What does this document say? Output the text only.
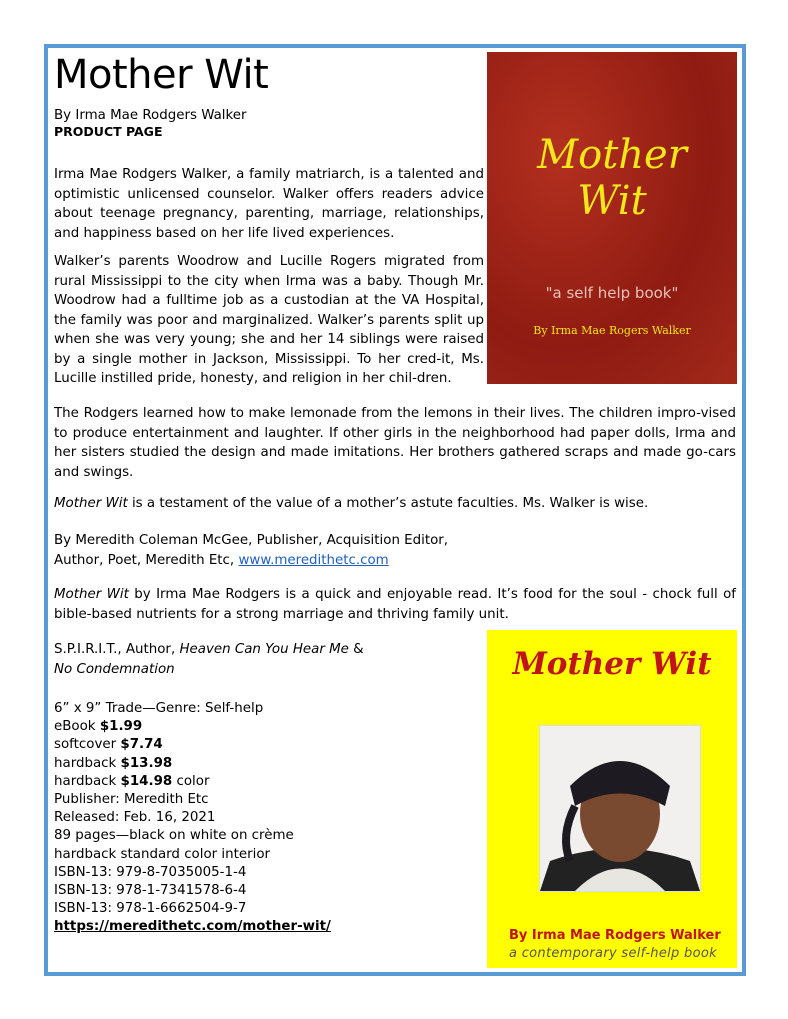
Mother Wit
By Irma Mae Rodgers Walker
PRODUCT PAGE
Irma Mae Rodgers Walker, a family matriarch, is a talented and optimistic unlicensed counselor. Walker offers readers advice about teenage pregnancy, parenting, marriage, relationships, and happiness based on her life lived experiences.
Walker’s parents Woodrow and Lucille Rogers migrated from rural Mississippi to the city when Irma was a baby. Though Mr. Woodrow had a fulltime job as a custodian at the VA Hospital, the family was poor and marginalized. Walker’s parents split up when she was very young; she and her 14 siblings were raised by a single mother in Jackson, Mississippi. To her cred-it, Ms. Lucille instilled pride, honesty, and religion in her chil-dren.
Mother
Wit
"a self help book"
By Irma Mae Rogers Walker
The Rodgers learned how to make lemonade from the lemons in their lives. The children impro-vised to produce entertainment and laughter. If other girls in the neighborhood had paper dolls, Irma and her sisters studied the design and made imitations. Her brothers gathered scraps and made go-cars and swings.
Mother Wit is a testament of the value of a mother’s astute faculties. Ms. Walker is wise.
By Meredith Coleman McGee, Publisher, Acquisition Editor, Author, Poet, Meredith Etc, www.meredithetc.com
Mother Wit by Irma Mae Rodgers is a quick and enjoyable read. It’s food for the soul - chock full of bible-based nutrients for a strong marriage and thriving family unit.
S.P.I.R.I.T., Author, Heaven Can You Hear Me &
No Condemnation
6” x 9” Trade—Genre: Self-help
eBook $1.99
softcover $7.74
hardback $13.98
hardback $14.98 color
Publisher: Meredith Etc
Released: Feb. 16, 2021
89 pages—black on white on crème
hardback standard color interior
ISBN-13: 979-8-7035005-1-4
ISBN-13: 978-1-7341578-6-4
ISBN-13: 978-1-6662504-9-7
https://meredithetc.com/mother-wit/
Mother Wit
By Irma Mae Rodgers Walker
a contemporary self-help book
